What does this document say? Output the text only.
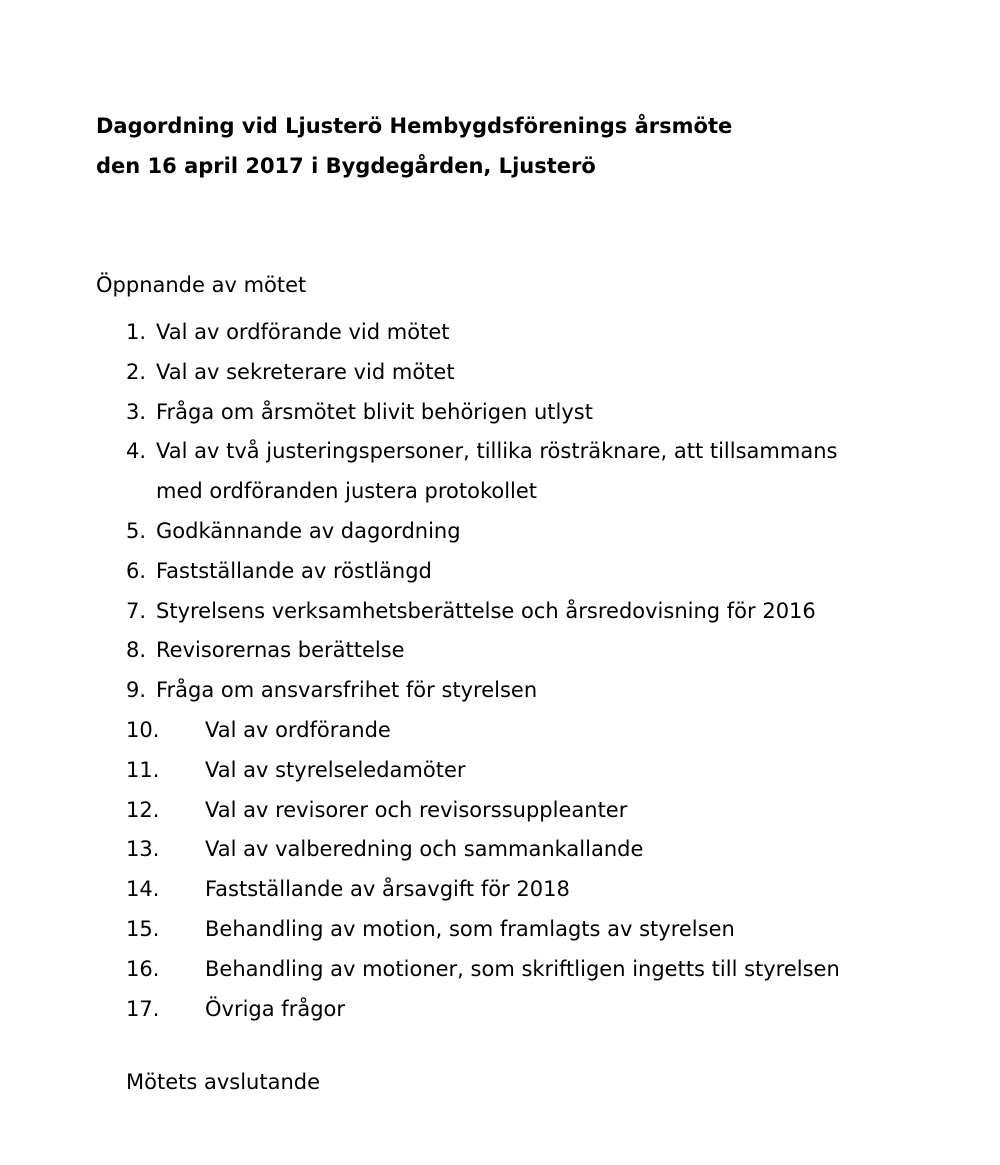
Dagordning vid Ljusterö Hembygdsförenings årsmöte
den 16 april 2017 i Bygdegården, Ljusterö
Öppnande av mötet
1. Val av ordförande vid mötet
2. Val av sekreterare vid mötet
3. Fråga om årsmötet blivit behörigen utlyst
4. Val av två justeringspersoner, tillika rösträknare, att tillsammans med ordföranden justera protokollet
5. Godkännande av dagordning
6. Fastställande av röstlängd
7. Styrelsens verksamhetsberättelse och årsredovisning för 2016
8. Revisorernas berättelse
9. Fråga om ansvarsfrihet för styrelsen
10.	Val av ordförande
11.	Val av styrelseledamöter
12.	Val av revisorer och revisorssuppleanter
13.	Val av valberedning och sammankallande
14.	Fastställande av årsavgift för 2018
15.	Behandling av motion, som framlagts av styrelsen
16.	Behandling av motioner, som skriftligen ingetts till styrelsen
17.	Övriga frågor
Mötets avslutande
